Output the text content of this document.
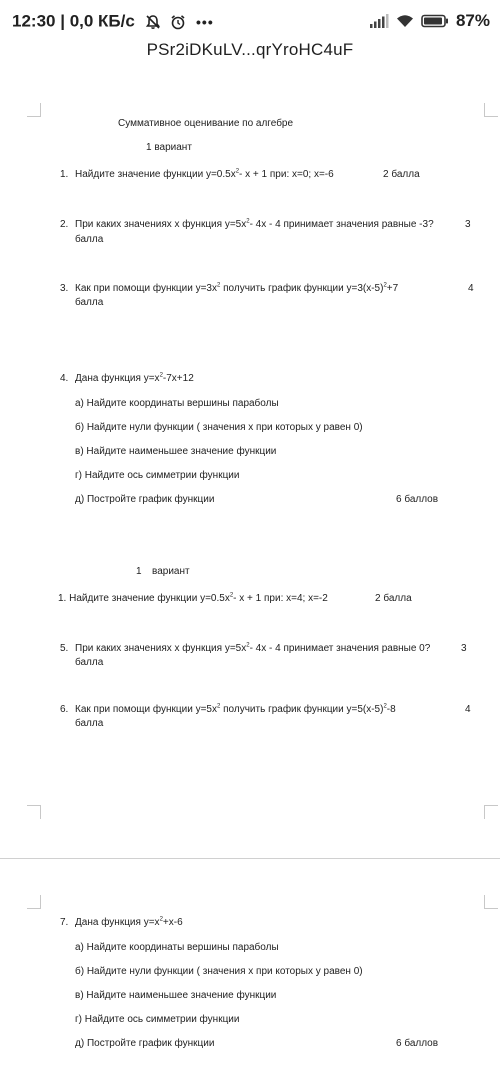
12:30 | 0,0 КБ/с	•••	87%
PSr2iDKuLV...qrYroHC4uF
Суммативное оценивание по алгебре
1 вариант
1. Найдите значение функции $y=0.5x^2-$ x + 1 при: x=0; x=-6	2 балла
2. При каких значениях х функция $y=5x^2-$ 4x - 4 принимает значения равные -3?	3
балла
3. Как при помощи функции $y=3x^2$ получить график функции $y=3(x-5)^2+7$	4
балла
4. Дана функция $y=x^2-7x+12$
а) Найдите координаты вершины параболы
б) Найдите нули функции ( значения х при которых у равен 0)
в) Найдите наименьшее значение функции
г) Найдите ось симметрии функции
д) Постройте график функции	6 баллов
1 вариант
1. Найдите значение функции $y=0.5x^2-$ x + 1 при: x=4; x=-2	2 балла
5. При каких значениях х функция $y=5x^2-$ 4x - 4 принимает значения равные 0?	3
балла
6. Как при помощи функции $y=5x^2$ получить график функции $y=5(x-5)^2-8$	4
балла
7. Дана функция $y=x^2+x-6$
а) Найдите координаты вершины параболы
б) Найдите нули функции ( значения х при которых у равен 0)
в) Найдите наименьшее значение функции
г) Найдите ось симметрии функции
д) Постройте график функции	6 баллов
